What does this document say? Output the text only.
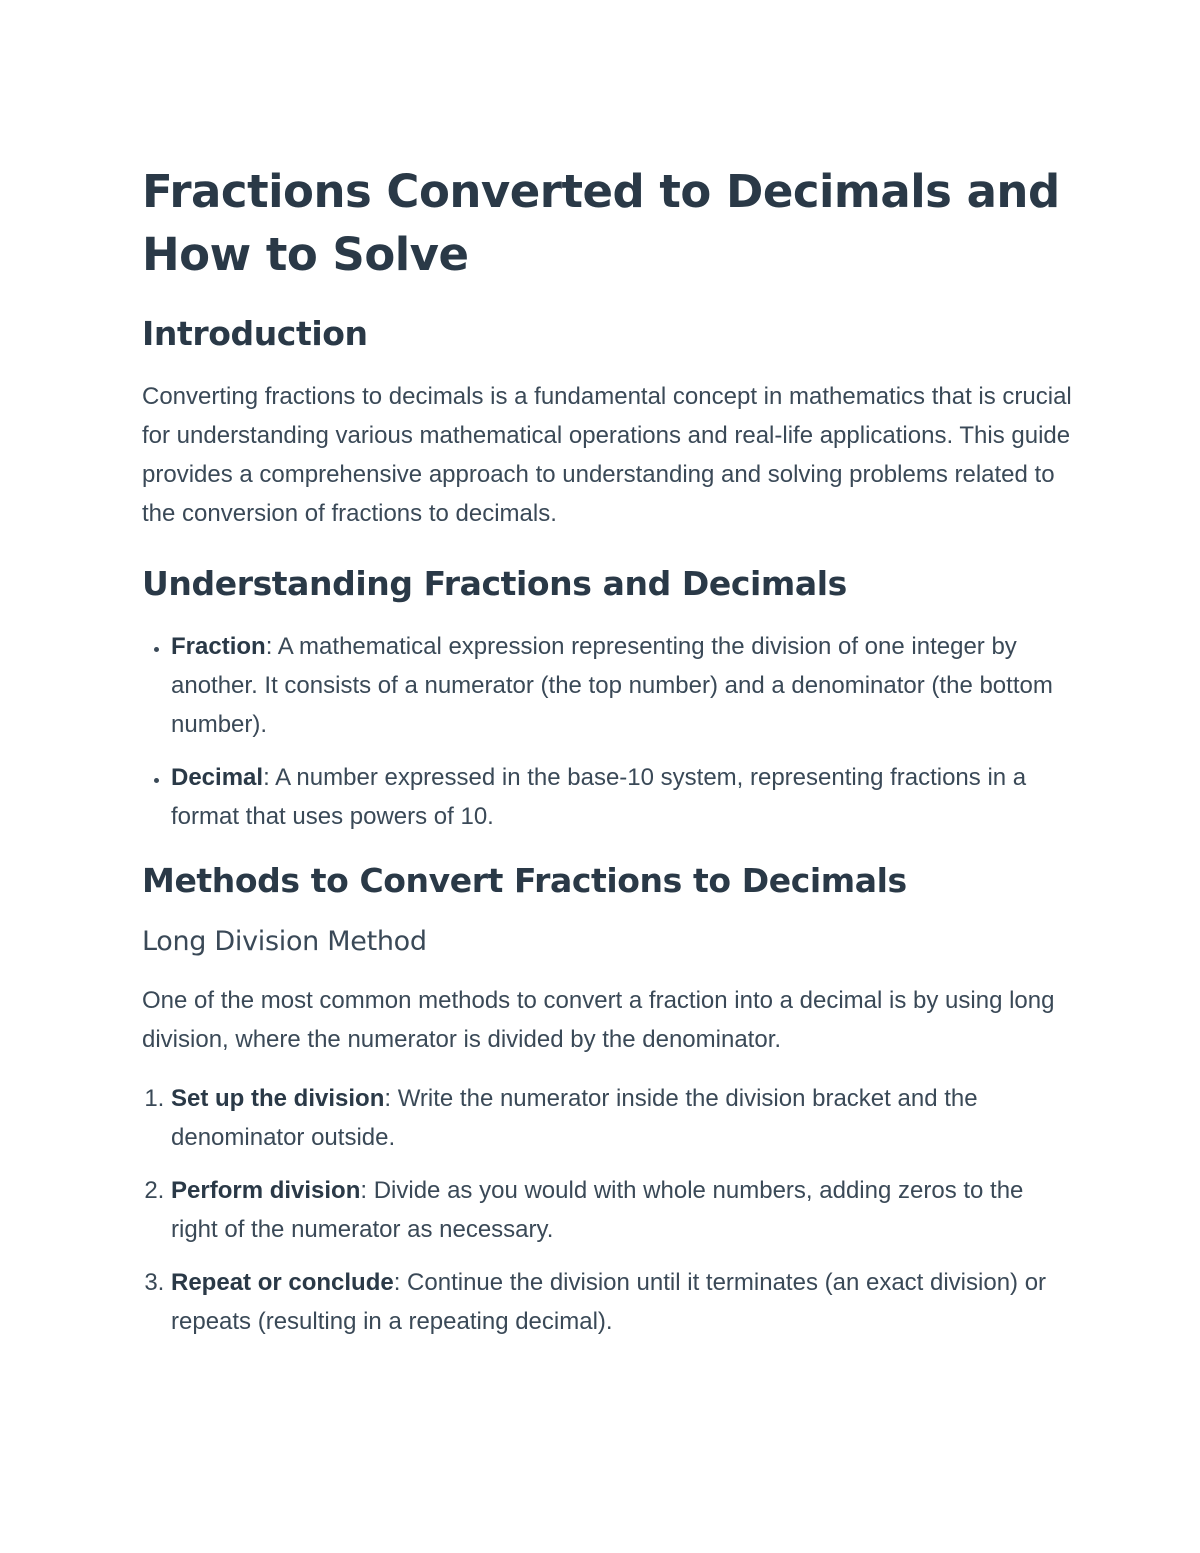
Fractions Converted to Decimals and How to Solve
Introduction

Converting fractions to decimals is a fundamental concept in mathematics that is crucial for understanding various mathematical operations and real-life applications. This guide provides a comprehensive approach to understanding and solving problems related to the conversion of fractions to decimals.

Understanding Fractions and Decimals
• Fraction: A mathematical expression representing the division of one integer by another. It consists of a numerator (the top number) and a denominator (the bottom number).
• Decimal: A number expressed in the base-10 system, representing fractions in a format that uses powers of 10.
Methods to Convert Fractions to Decimals
Long Division Method

One of the most common methods to convert a fraction into a decimal is by using long division, where the numerator is divided by the denominator.

1. Set up the division: Write the numerator inside the division bracket and the denominator outside.
2. Perform division: Divide as you would with whole numbers, adding zeros to the right of the numerator as necessary.
3. Repeat or conclude: Continue the division until it terminates (an exact division) or repeats (resulting in a repeating decimal).
